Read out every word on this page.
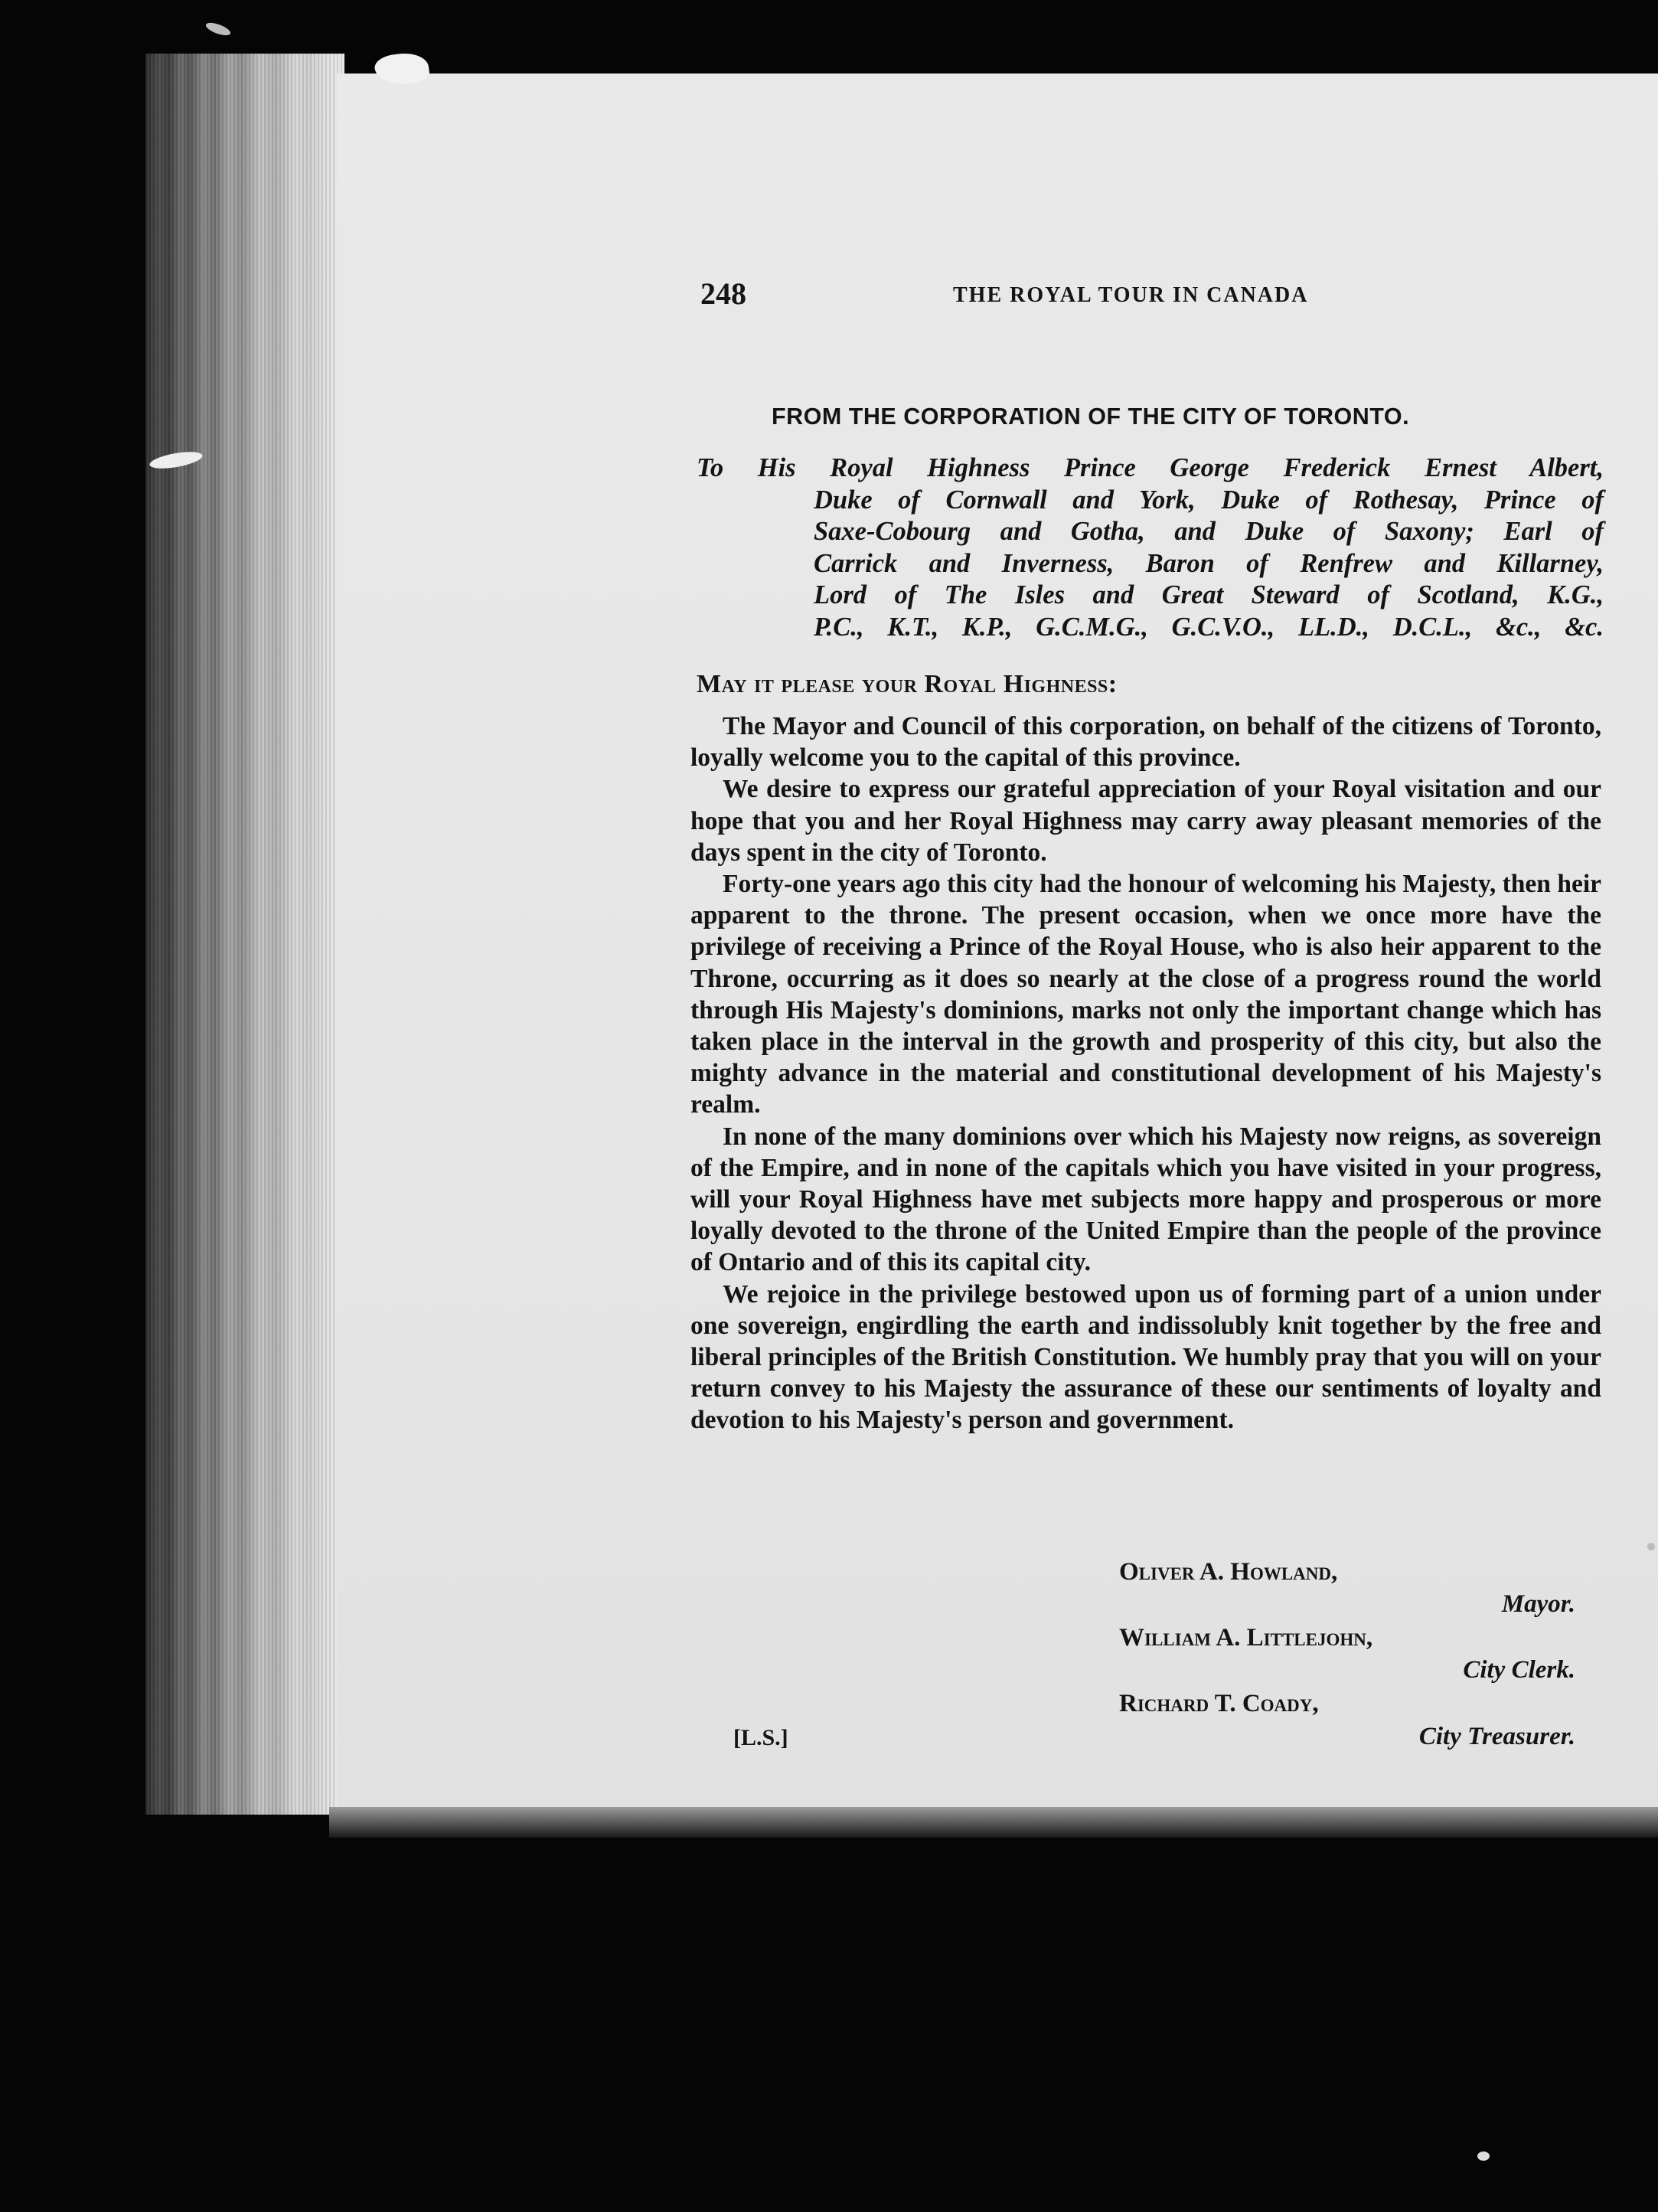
248	THE ROYAL TOUR IN CANADA
FROM THE CORPORATION OF THE CITY OF TORONTO.
To His Royal Highness Prince George Frederick Ernest Albert,
Duke of Cornwall and York, Duke of Rothesay, Prince of
Saxe-Cobourg and Gotha, and Duke of Saxony; Earl of
Carrick and Inverness, Baron of Renfrew and Killarney,
Lord of The Isles and Great Steward of Scotland, K.G.,
P.C., K.T., K.P., G.C.M.G., G.C.V.O., LL.D., D.C.L., &c., &c.
May it please your Royal Highness:

The Mayor and Council of this corporation, on behalf of the citizens of Toronto, loyally welcome you to the capital of this province.

We desire to express our grateful appreciation of your Royal visitation and our hope that you and her Royal Highness may carry away pleasant memories of the days spent in the city of Toronto.

Forty-one years ago this city had the honour of welcoming his Majesty, then heir apparent to the throne. The present occasion, when we once more have the privilege of receiving a Prince of the Royal House, who is also heir apparent to the Throne, occurring as it does so nearly at the close of a progress round the world through His Majesty's dominions, marks not only the important change which has taken place in the interval in the growth and prosperity of this city, but also the mighty advance in the material and constitutional development of his Majesty's realm.

In none of the many dominions over which his Majesty now reigns, as sovereign of the Empire, and in none of the capitals which you have visited in your progress, will your Royal Highness have met subjects more happy and prosperous or more loyally devoted to the throne of the United Empire than the people of the province of Ontario and of this its capital city.

We rejoice in the privilege bestowed upon us of forming part of a union under one sovereign, engirdling the earth and indissolubly knit together by the free and liberal principles of the British Constitution. We humbly pray that you will on your return convey to his Majesty the assurance of these our sentiments of loyalty and devotion to his Majesty's person and government.

Oliver A. Howland,
Mayor.
William A. Littlejohn,
City Clerk.
Richard T. Coady,
City Treasurer.
[L.S.]
